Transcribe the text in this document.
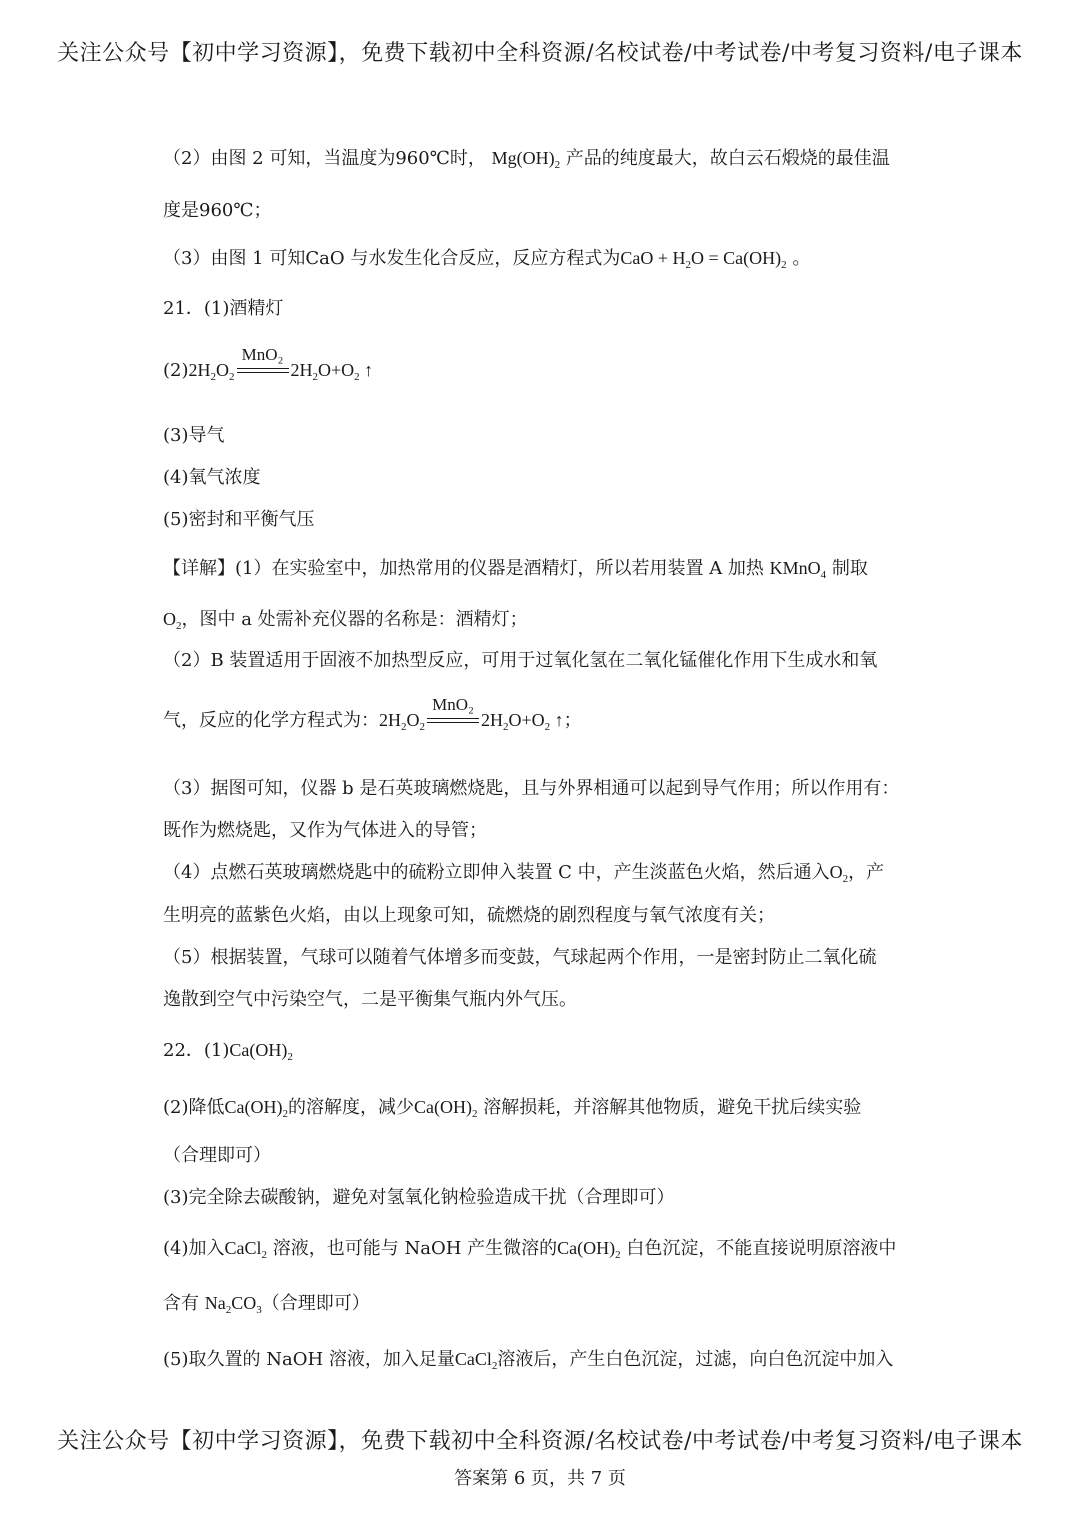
关注公众号【初中学习资源】，免费下载初中全科资源/名校试卷/中考试卷/中考复习资料/电子课本
（2）由图 2 可知，当温度为960℃时， $Mg(OH)_2$ 产品的纯度最大，故白云石煅烧的最佳温
度是960℃；
（3）由图 1 可知CaO 与水发生化合反应，反应方程式为CaO + $H_2O = Ca(OH)_2$ 。
21．(1)酒精灯
$(2)2H_2O_2$
MnO₂
$2H_2O+O_2$ ↑
(3)导气
(4)氧气浓度
(5)密封和平衡气压
【详解】(1）在实验室中，加热常用的仪器是酒精灯，所以若用装置 A 加热 KMnO$_4$ 制取
$O_2$，图中 a 处需补充仪器的名称是：酒精灯；
（2）B 装置适用于固液不加热型反应，可用于过氧化氢在二氧化锰催化作用下生成水和氧
气，反应的化学方程式为：$2H_2O_2$
MnO₂
$2H_2O+O_2$ ↑；
（3）据图可知，仪器 b 是石英玻璃燃烧匙，且与外界相通可以起到导气作用；所以作用有：
既作为燃烧匙，又作为气体进入的导管；
（4）点燃石英玻璃燃烧匙中的硫粉立即伸入装置 C 中，产生淡蓝色火焰，然后通入$O_2$，产
生明亮的蓝紫色火焰，由以上现象可知，硫燃烧的剧烈程度与氧气浓度有关；
（5）根据装置，气球可以随着气体增多而变鼓，气球起两个作用，一是密封防止二氧化硫
逸散到空气中污染空气，二是平衡集气瓶内外气压。
22．$(1)Ca(OH)_2$
(2)降低$Ca(OH)_2$的溶解度，减少$Ca(OH)_2$ 溶解损耗，并溶解其他物质，避免干扰后续实验
（合理即可）
(3)完全除去碳酸钠，避免对氢氧化钠检验造成干扰（合理即可）
(4)加入CaCl$_2$ 溶液，也可能与 NaOH 产生微溶的$Ca(OH)_2$ 白色沉淀，不能直接说明原溶液中
含有 $Na_2CO_3$（合理即可）
(5)取久置的 NaOH 溶液，加入足量CaCl$_2$溶液后，产生白色沉淀，过滤，向白色沉淀中加入
关注公众号【初中学习资源】，免费下载初中全科资源/名校试卷/中考试卷/中考复习资料/电子课本
答案第 6 页，共 7 页
